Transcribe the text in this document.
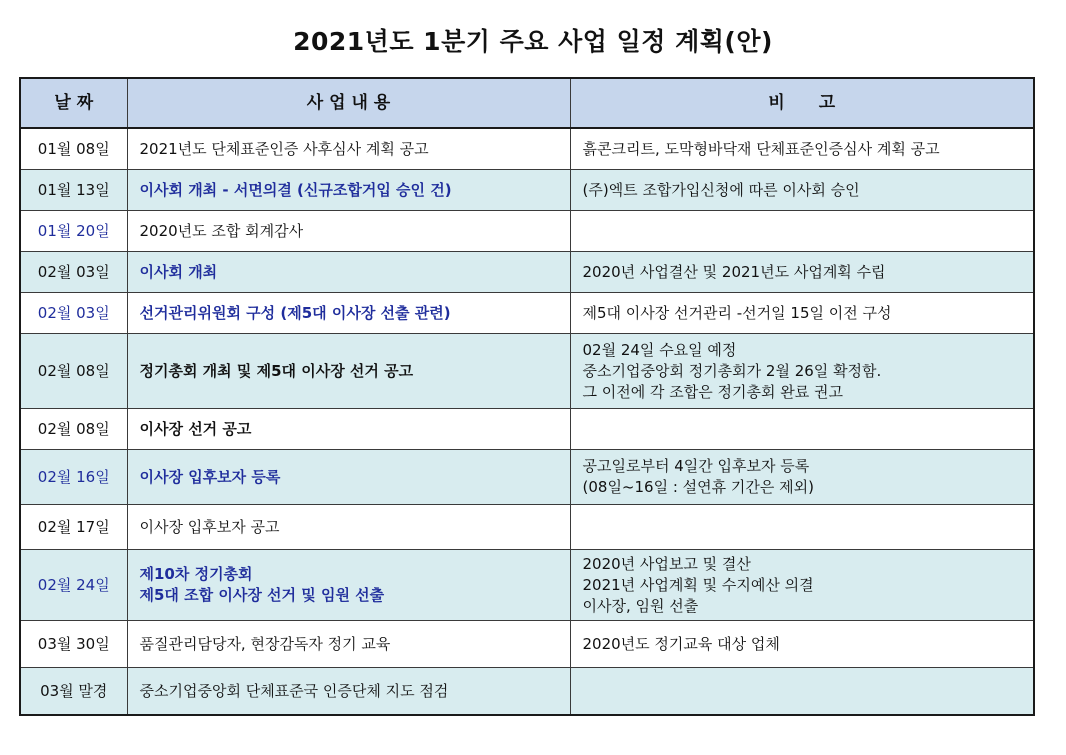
2021년도 1분기 주요 사업 일정 계획(안)
날 짜	사 업 내 용	비　　고
01월 08일	2021년도 단체표준인증 사후심사 계획 공고	흙콘크리트, 도막형바닥재 단체표준인증심사 계획 공고

01월 13일	이사회 개최 - 서면의결 (신규조합거입 승인 건)	(주)엑트 조합가입신청에 따른 이사회 승인

01월 20일	2020년도 조합 회계감사	

02월 03일	이사회 개최	2020년 사업결산 및 2021년도 사업계획 수립

02월 03일	선거관리위원회 구성 (제5대 이사장 선출 관련)	제5대 이사장 선거관리 -선거일 15일 이전 구성

02월 08일	정기총회 개최 및 제5대 이사장 선거 공고	02월 24일 수요일 예정
중소기업중앙회 정기총회가 2월 26일 확정함.
그 이전에 각 조합은 정기총회 완료 권고

02월 08일	이사장 선거 공고	

02월 16일	이사장 입후보자 등록	공고일로부터 4일간 입후보자 등록
(08일~16일 : 설연휴 기간은 제외)

02월 17일	이사장 입후보자 공고	

02월 24일	제10차 정기총회
제5대 조합 이사장 선거 및 임원 선출	2020년 사업보고 및 결산
2021년 사업계획 및 수지예산 의결
이사장, 임원 선출

03월 30일	품질관리담당자, 현장감독자 정기 교육	2020년도 정기교육 대상 업체

03월 말경	중소기업중앙회 단체표준국 인증단체 지도 점검	
